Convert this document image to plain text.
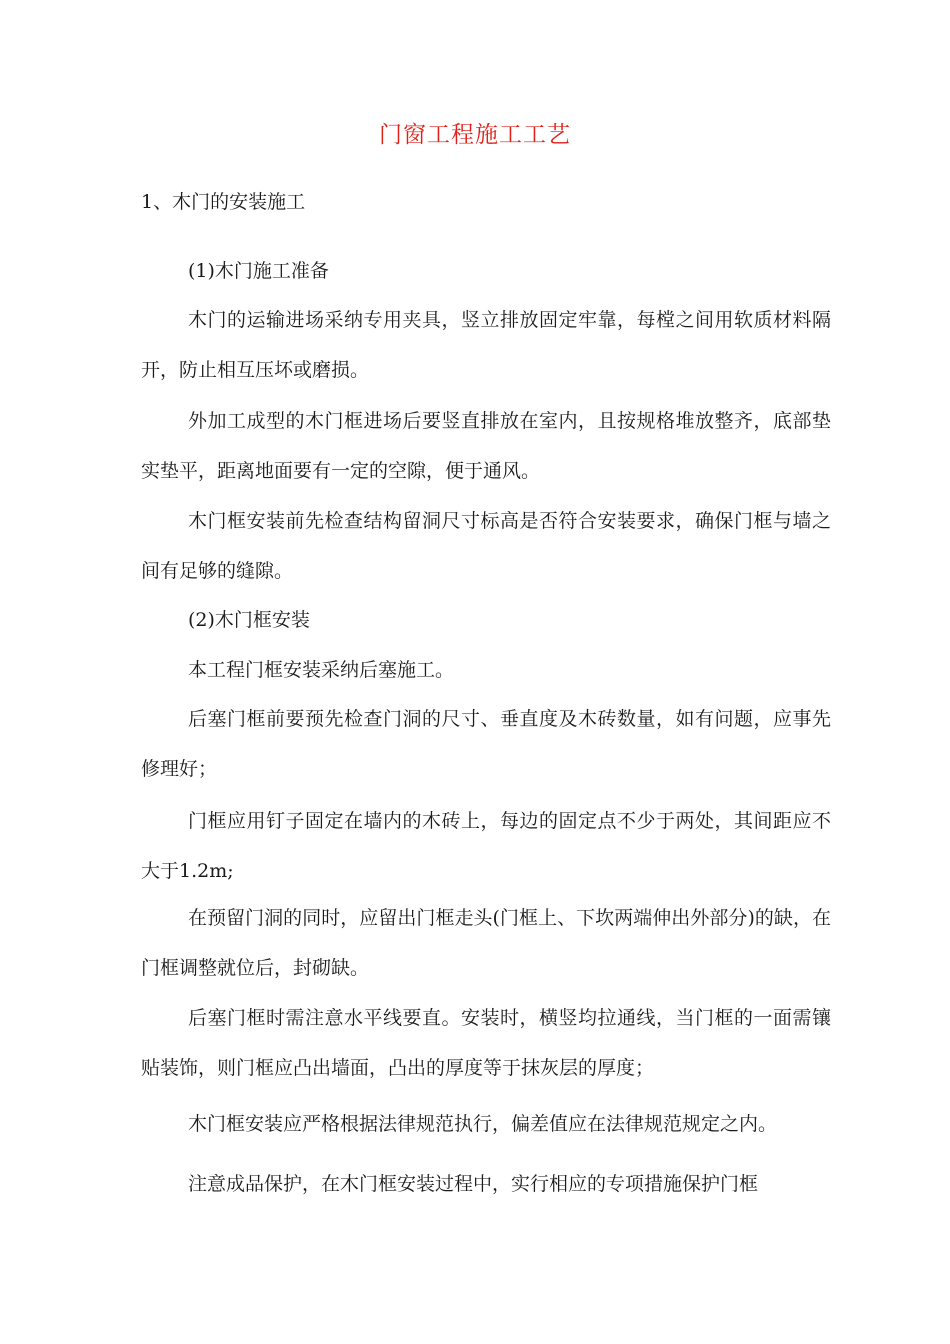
门窗工程施工工艺
1、木门的安装施工
(1)木门施工准备
木门的运输进场采纳专用夹具，竖立排放固定牢靠，每樘之间用软质材料隔开，防止相互压坏或磨损。
外加工成型的木门框进场后要竖直排放在室内，且按规格堆放整齐，底部垫实垫平，距离地面要有一定的空隙，便于通风。
木门框安装前先检查结构留洞尺寸标高是否符合安装要求，确保门框与墙之间有足够的缝隙。
(2)木门框安装
本工程门框安装采纳后塞施工。
后塞门框前要预先检查门洞的尺寸、垂直度及木砖数量，如有问题，应事先修理好；
门框应用钉子固定在墙内的木砖上，每边的固定点不少于两处，其间距应不大于1.2m;
在预留门洞的同时，应留出门框走头(门框上、下坎两端伸出外部分)的缺，在门框调整就位后，封砌缺。
后塞门框时需注意水平线要直。安装时，横竖均拉通线，当门框的一面需镶贴装饰，则门框应凸出墙面，凸出的厚度等于抹灰层的厚度；
木门框安装应严格根据法律规范执行，偏差值应在法律规范规定之内。
注意成品保护，在木门框安装过程中，实行相应的专项措施保护门框
